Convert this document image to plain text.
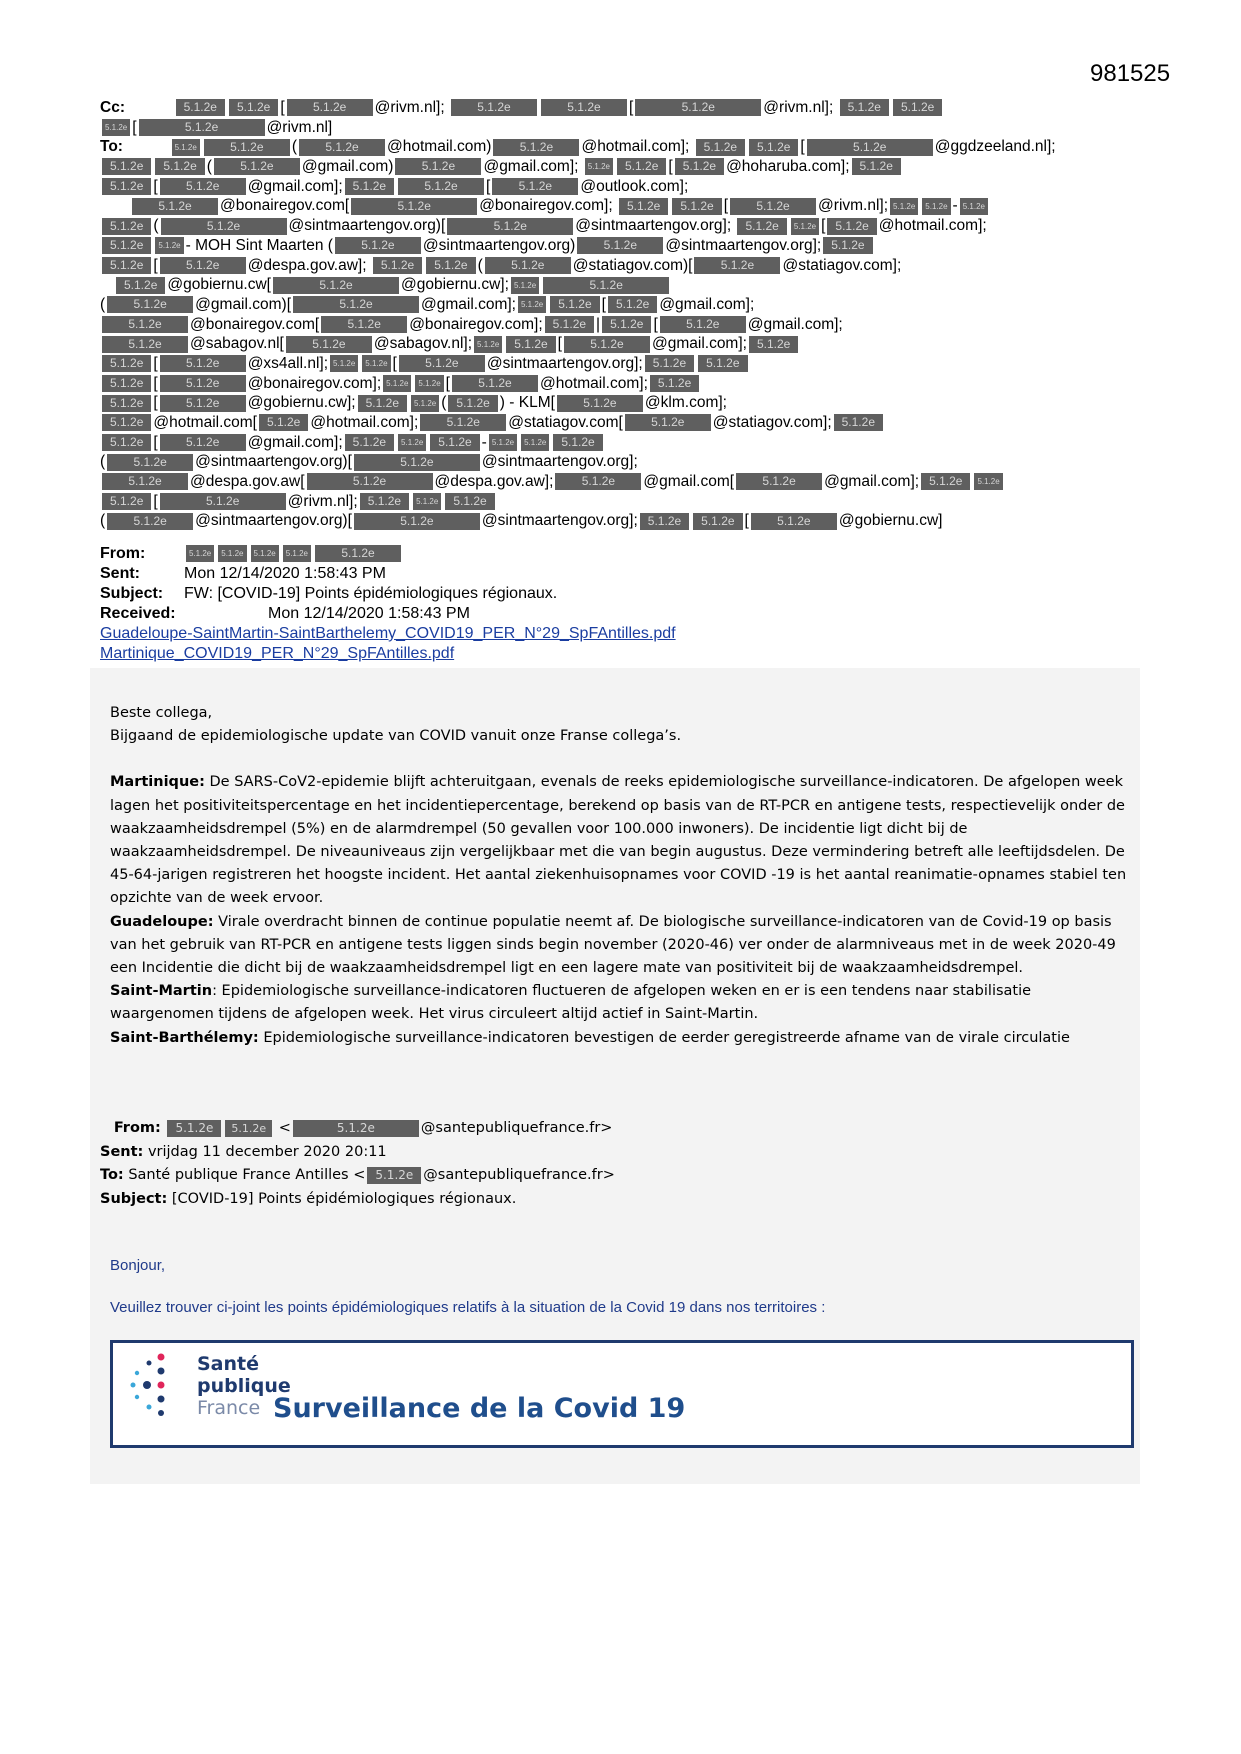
981525
Cc:	5.1.2e 5.1.2e [ 5.1.2e @rivm.nl];	5.1.2e	5.1.2e [	5.1.2e	@rivm.nl]; 5.1.2e 5.1.2e
5.1.2e [	5.1.2e	@rivm.nl]
To:	5.1.2e	5.1.2e ( 5.1.2e @hotmail.com) 5.1.2e @hotmail.com]; 5.1.2e 5.1.2e [	5.1.2e	@ggdzeeland.nl];
5.1.2e 5.1.2e ( 5.1.2e @gmail.com) 5.1.2e @gmail.com]; 5.1.2e 5.1.2e [ 5.1.2e @hoharuba.com]; 5.1.2e
5.1.2e [ 5.1.2e @gmail.com]; 5.1.2e	5.1.2e [ 5.1.2e @outlook.com];
5.1.2e @bonairegov.com[	5.1.2e	@bonairegov.com]; 5.1.2e 5.1.2e [ 5.1.2e @rivm.nl]; 5.1.2e 5.1.2e - 5.1.2e
5.1.2e (	5.1.2e	@sintmaartengov.org)[	5.1.2e	@sintmaartengov.org]; 5.1.2e 5.1.2e [ 5.1.2e @hotmail.com];
5.1.2e 5.1.2e - MOH Sint Maarten ( 5.1.2e @sintmaartengov.org) 5.1.2e @sintmaartengov.org]; 5.1.2e
5.1.2e [ 5.1.2e @despa.gov.aw]; 5.1.2e 5.1.2e ( 5.1.2e @statiagov.com)[ 5.1.2e @statiagov.com];
5.1.2e @gobiernu.cw[	5.1.2e	@gobiernu.cw]; 5.1.2e	5.1.2e
( 5.1.2e @gmail.com)[	5.1.2e	@gmail.com]; 5.1.2e 5.1.2e [ 5.1.2e @gmail.com];
5.1.2e @bonairegov.com[ 5.1.2e @bonairegov.com]; 5.1.2e | 5.1.2e [ 5.1.2e @gmail.com];
5.1.2e @sabagov.nl[ 5.1.2e @sabagov.nl]; 5.1.2e 5.1.2e [ 5.1.2e @gmail.com]; 5.1.2e
5.1.2e [ 5.1.2e @xs4all.nl]; 5.1.2e 5.1.2e [ 5.1.2e @sintmaartengov.org]; 5.1.2e 5.1.2e
5.1.2e [ 5.1.2e @bonairegov.com]; 5.1.2e 5.1.2e [ 5.1.2e @hotmail.com]; 5.1.2e
5.1.2e [ 5.1.2e @gobiernu.cw]; 5.1.2e 5.1.2e ( 5.1.2e ) - KLM[ 5.1.2e @klm.com];
5.1.2e @hotmail.com[ 5.1.2e @hotmail.com]; 5.1.2e @statiagov.com[ 5.1.2e @statiagov.com]; 5.1.2e
5.1.2e [ 5.1.2e @gmail.com]; 5.1.2e 5.1.2e 5.1.2e - 5.1.2e 5.1.2e 5.1.2e
( 5.1.2e @sintmaartengov.org)[	5.1.2e	@sintmaartengov.org];
5.1.2e @despa.gov.aw[	5.1.2e	@despa.gov.aw]; 5.1.2e @gmail.com[ 5.1.2e @gmail.com]; 5.1.2e 5.1.2e
5.1.2e [	5.1.2e	@rivm.nl]; 5.1.2e 5.1.2e 5.1.2e
( 5.1.2e @sintmaartengov.org)[	5.1.2e	@sintmaartengov.org]; 5.1.2e 5.1.2e [ 5.1.2e @gobiernu.cw]
From:	5.1.2e 5.1.2e 5.1.2e 5.1.2e	5.1.2e
Sent:	Mon 12/14/2020 1:58:43 PM
Subject: FW: [COVID-19] Points épidémiologiques régionaux.
Received:	Mon 12/14/2020 1:58:43 PM
Guadeloupe-SaintMartin-SaintBarthelemy_COVID19_PER_N°29_SpFAntilles.pdf
Martinique_COVID19_PER_N°29_SpFAntilles.pdf

Beste collega,

Bijgaand de epidemiologische update van COVID vanuit onze Franse collega’s.

Martinique: De SARS-CoV2-epidemie blijft achteruitgaan, evenals de reeks epidemiologische surveillance-indicatoren. De afgelopen week lagen het positiviteitspercentage en het incidentiepercentage, berekend op basis van de RT-PCR en antigene tests, respectievelijk onder de waakzaamheidsdrempel (5%) en de alarmdrempel (50 gevallen voor 100.000 inwoners). De incidentie ligt dicht bij de waakzaamheidsdrempel. De niveauniveaus zijn vergelijkbaar met die van begin augustus. Deze vermindering betreft alle leeftijdsdelen. De 45-64-jarigen registreren het hoogste incident. Het aantal ziekenhuisopnames voor COVID -19 is het aantal reanimatie-opnames stabiel ten opzichte van de week ervoor.

Guadeloupe: Virale overdracht binnen de continue populatie neemt af. De biologische surveillance-indicatoren van de Covid-19 op basis van het gebruik van RT-PCR en antigene tests liggen sinds begin november (2020-46) ver onder de alarmniveaus met in de week 2020-49 een Incidentie die dicht bij de waakzaamheidsdrempel ligt en een lagere mate van positiviteit bij de waakzaamheidsdrempel.

Saint-Martin: Epidemiologische surveillance-indicatoren fluctueren de afgelopen weken en er is een tendens naar stabilisatie waargenomen tijdens de afgelopen week. Het virus circuleert altijd actief in Saint-Martin.

Saint-Barthélemy: Epidemiologische surveillance-indicatoren bevestigen de eerder geregistreerde afname van de virale circulatie

From: 5.1.2e 5.1.2e <	5.1.2e	@santepubliquefrance.fr>
Sent: vrijdag 11 december 2020 20:11
To: Santé publique France Antilles < 5.1.2e @santepubliquefrance.fr>
Subject: [COVID-19] Points épidémiologiques régionaux.

Bonjour,

Veuillez trouver ci-joint les points épidémiologiques relatifs à la situation de la Covid 19 dans nos territoires :

Santé
publique
France Surveillance de la Covid 19
